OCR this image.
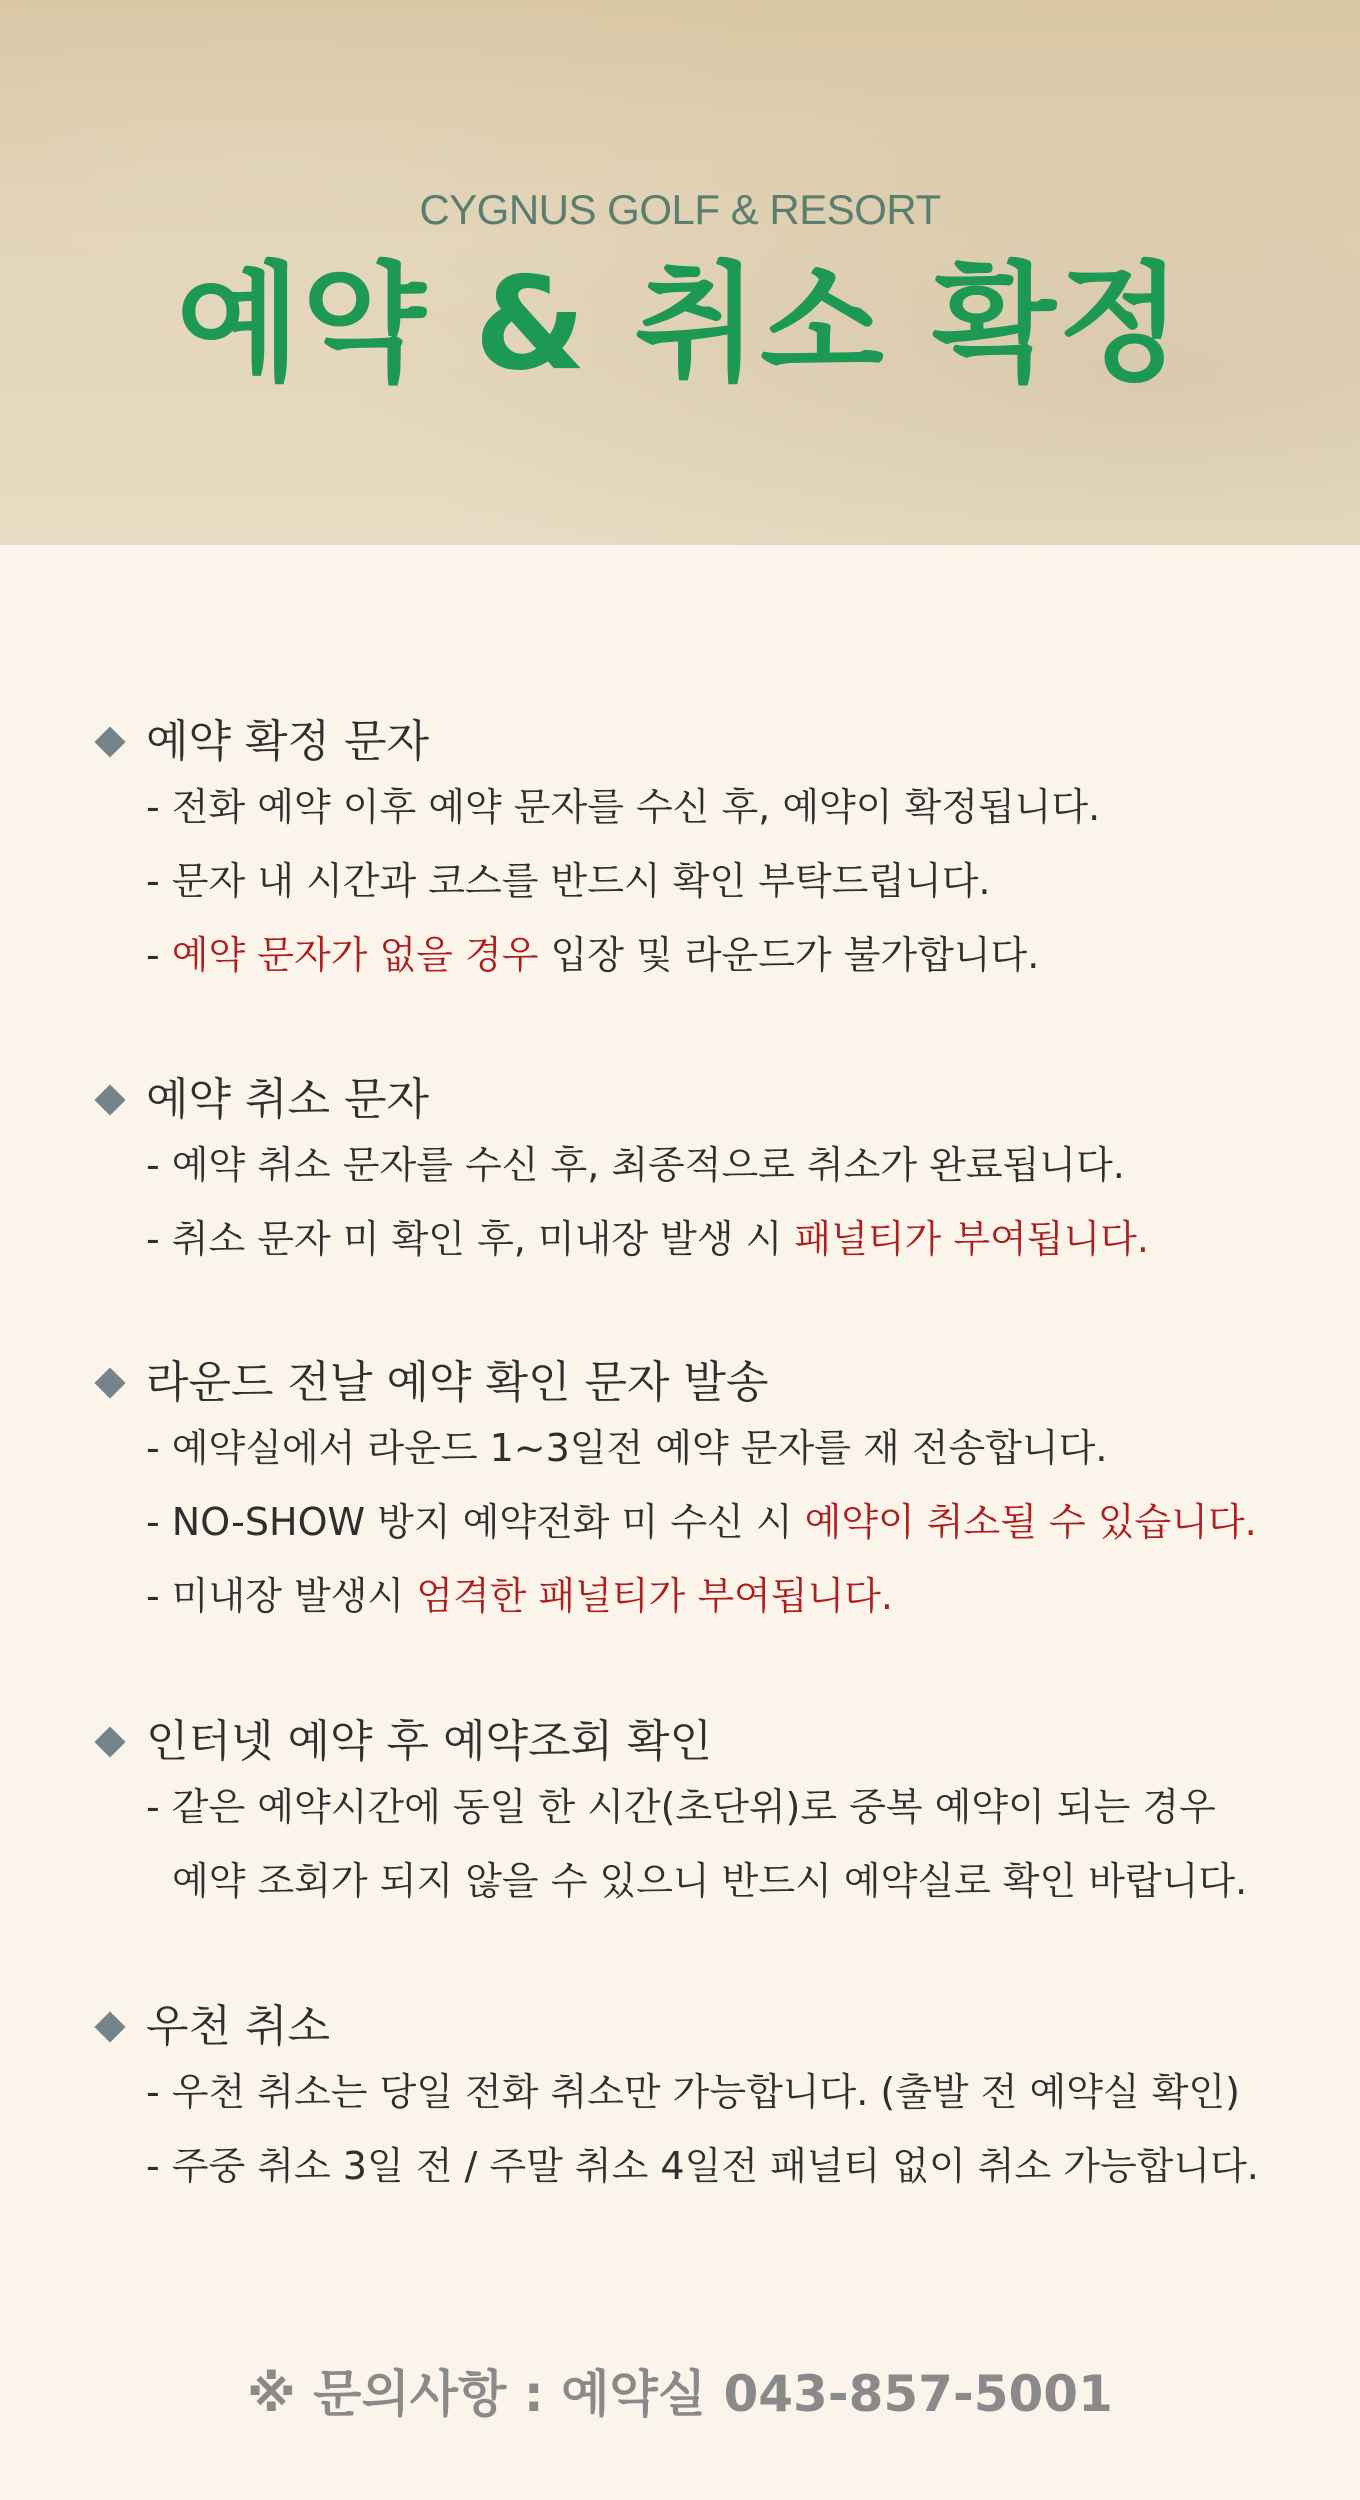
CYGNUS GOLF & RESORT
예약 & 취소 확정
예약 확정 문자
- 전화 예약 이후 예약 문자를 수신 후, 예약이 확정됩니다.
- 문자 내 시간과 코스를 반드시 확인 부탁드립니다.
- 예약 문자가 없을 경우 입장 및 라운드가 불가합니다.
예약 취소 문자
- 예약 취소 문자를 수신 후, 최종적으로 취소가 완료됩니다.
- 취소 문자 미 확인 후, 미내장 발생 시 패널티가 부여됩니다.
라운드 전날 예약 확인 문자 발송
- 예약실에서 라운드 1~3일전 예약 문자를 재 전송합니다.
- NO-SHOW 방지 예약전화 미 수신 시 예약이 취소될 수 있습니다.
- 미내장 발생시 엄격한 패널티가 부여됩니다.
인터넷 예약 후 예약조회 확인
- 같은 예약시간에 동일 한 시간(초단위)로 중복 예약이 되는 경우
예약 조회가 되지 않을 수 있으니 반드시 예약실로 확인 바랍니다.
우천 취소
- 우천 취소는 당일 전화 취소만 가능합니다. (출발 전 예약실 확인)
- 주중 취소 3일 전 / 주말 취소 4일전 패널티 없이 취소 가능합니다.
※ 문의사항 : 예약실 043-857-5001
